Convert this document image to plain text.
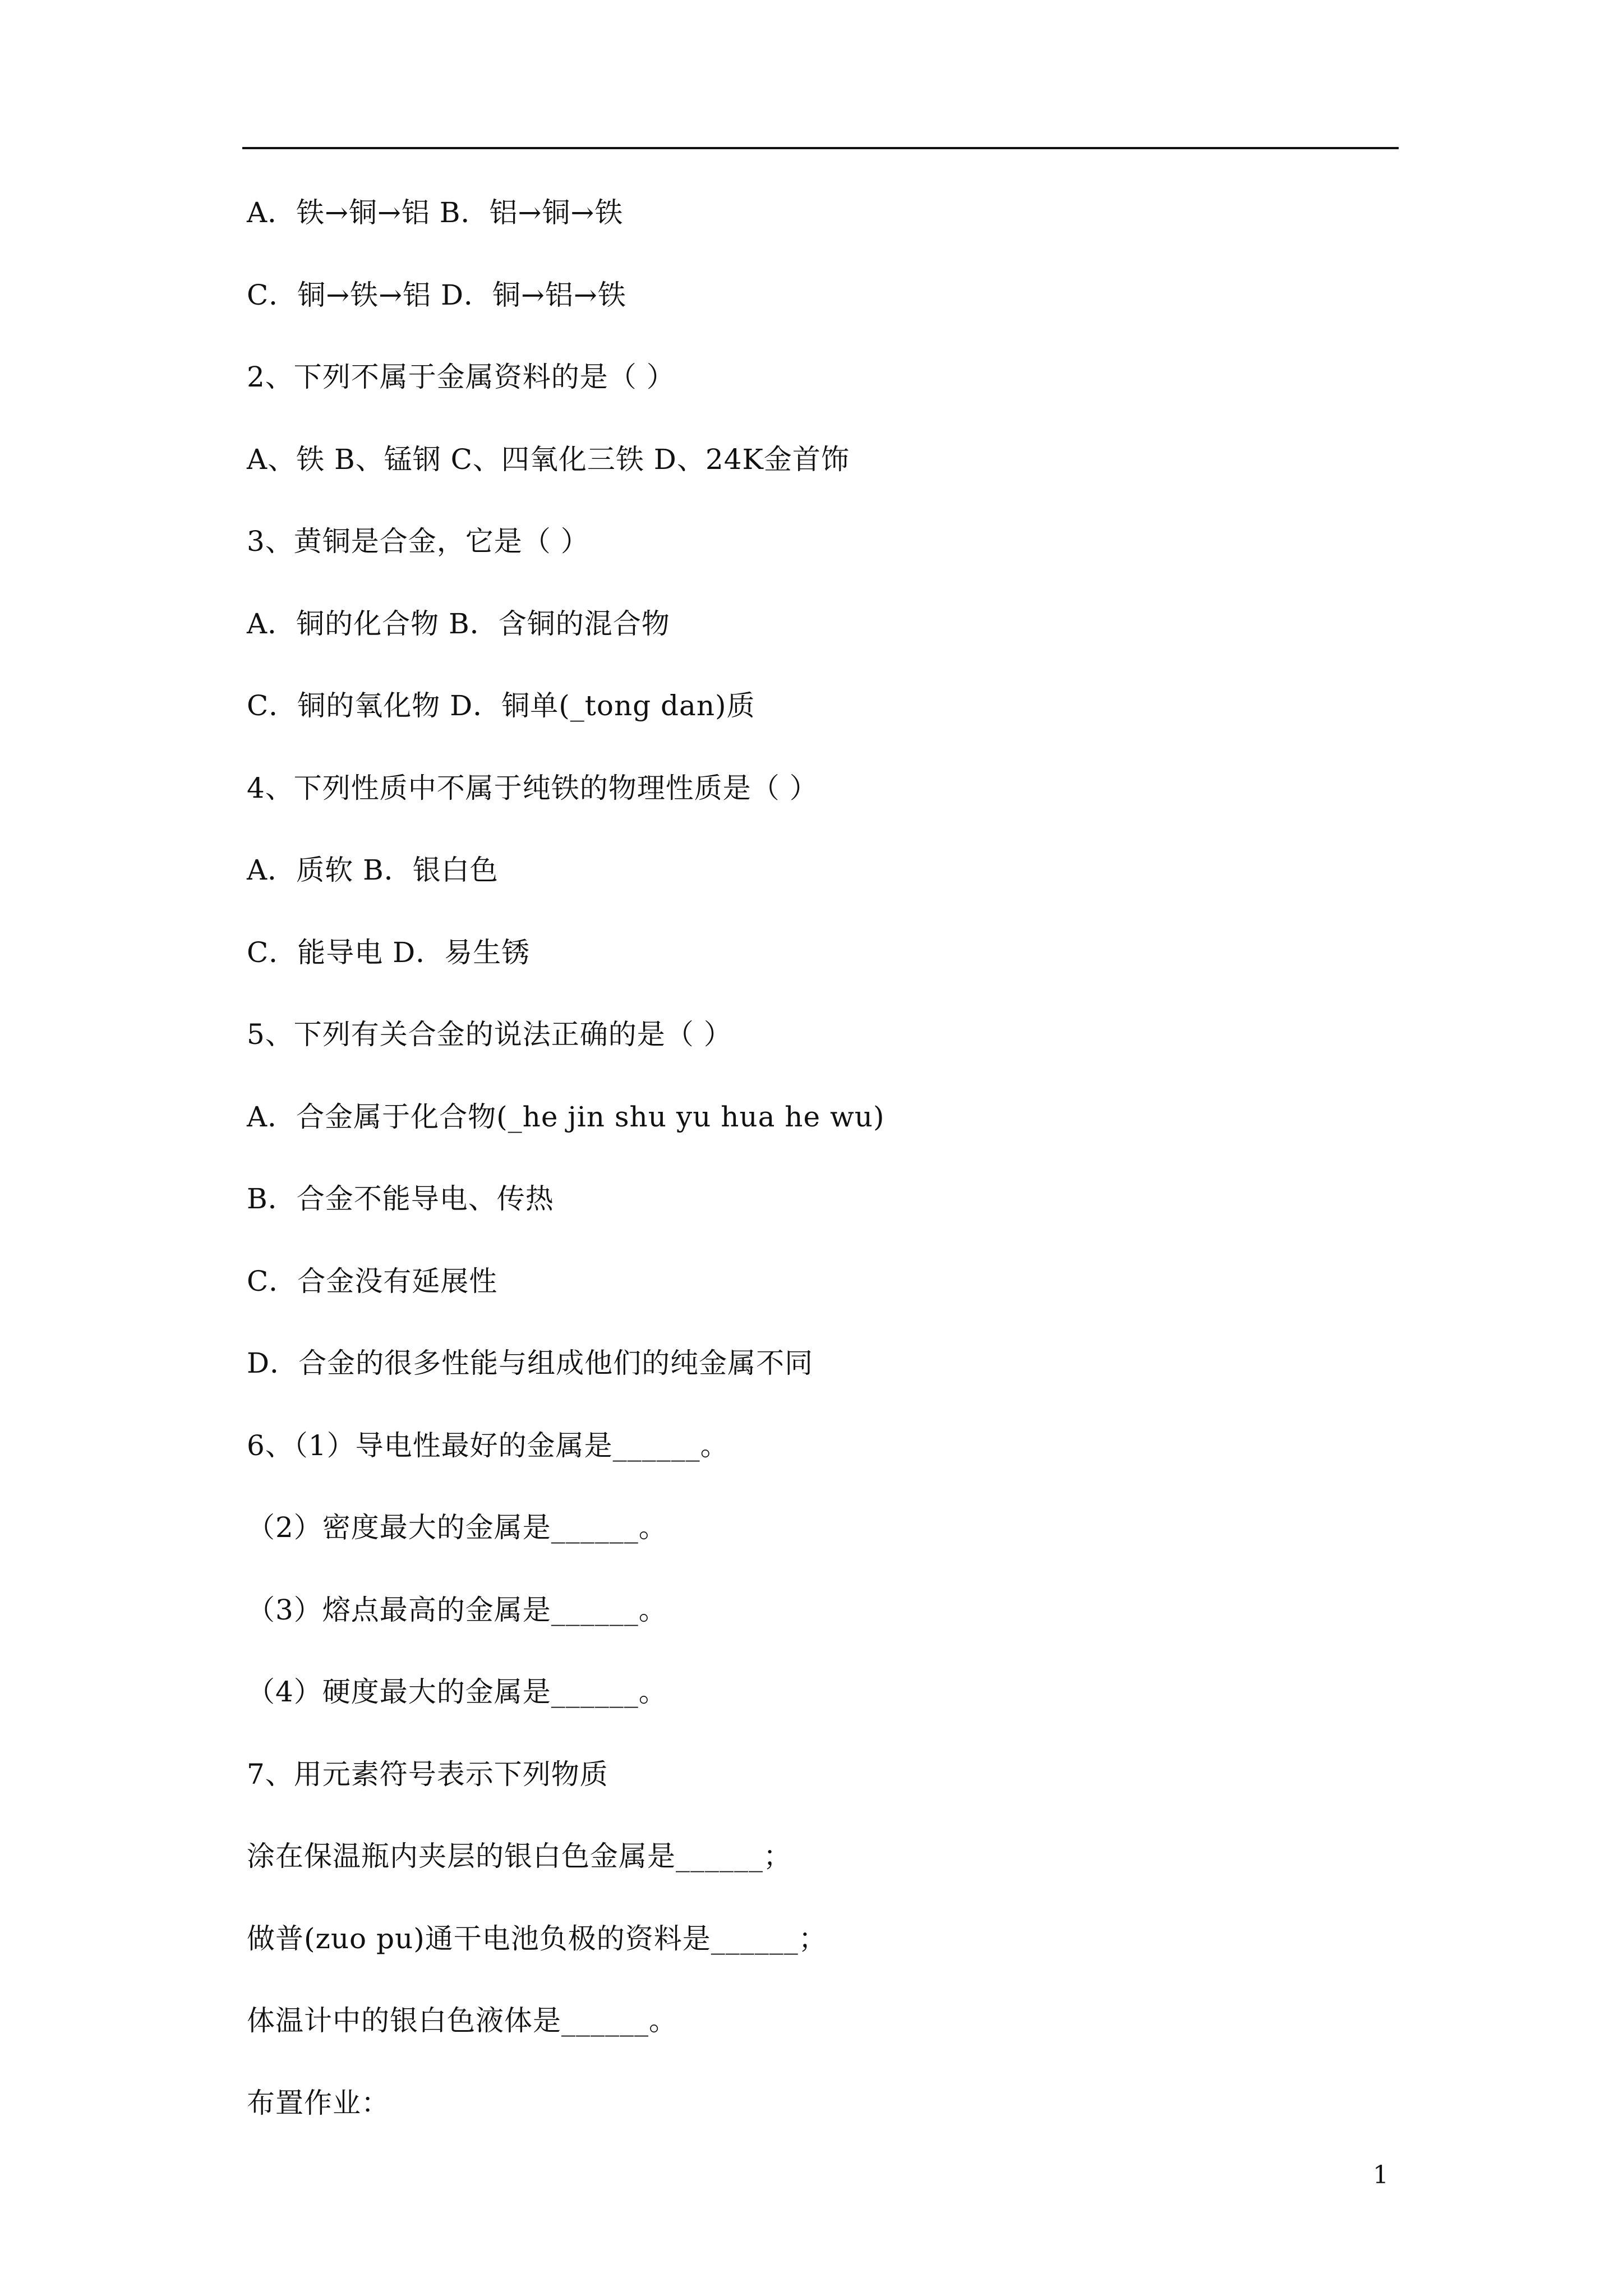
A．铁→铜→铝 B．铝→铜→铁
C．铜→铁→铝 D．铜→铝→铁
2、下列不属于金属资料的是（ ）
A、铁 B、锰钢 C、四氧化三铁 D、24K金首饰
3、黄铜是合金，它是（ ）
A．铜的化合物 B．含铜的混合物
C．铜的氧化物 D．铜单(_tong dan)质
4、下列性质中不属于纯铁的物理性质是（ ）
A．质软 B．银白色
C．能导电 D．易生锈
5、下列有关合金的说法正确的是（ ）
A．合金属于化合物(_he jin shu yu hua he wu)
B．合金不能导电、传热
C．合金没有延展性
D．合金的很多性能与组成他们的纯金属不同
6、（1）导电性最好的金属是______。
（2）密度最大的金属是______。
（3）熔点最高的金属是______。
（4）硬度最大的金属是______。
7、用元素符号表示下列物质
涂在保温瓶内夹层的银白色金属是______；
做普(zuo pu)通干电池负极的资料是______；
体温计中的银白色液体是______。
布置作业：
1
